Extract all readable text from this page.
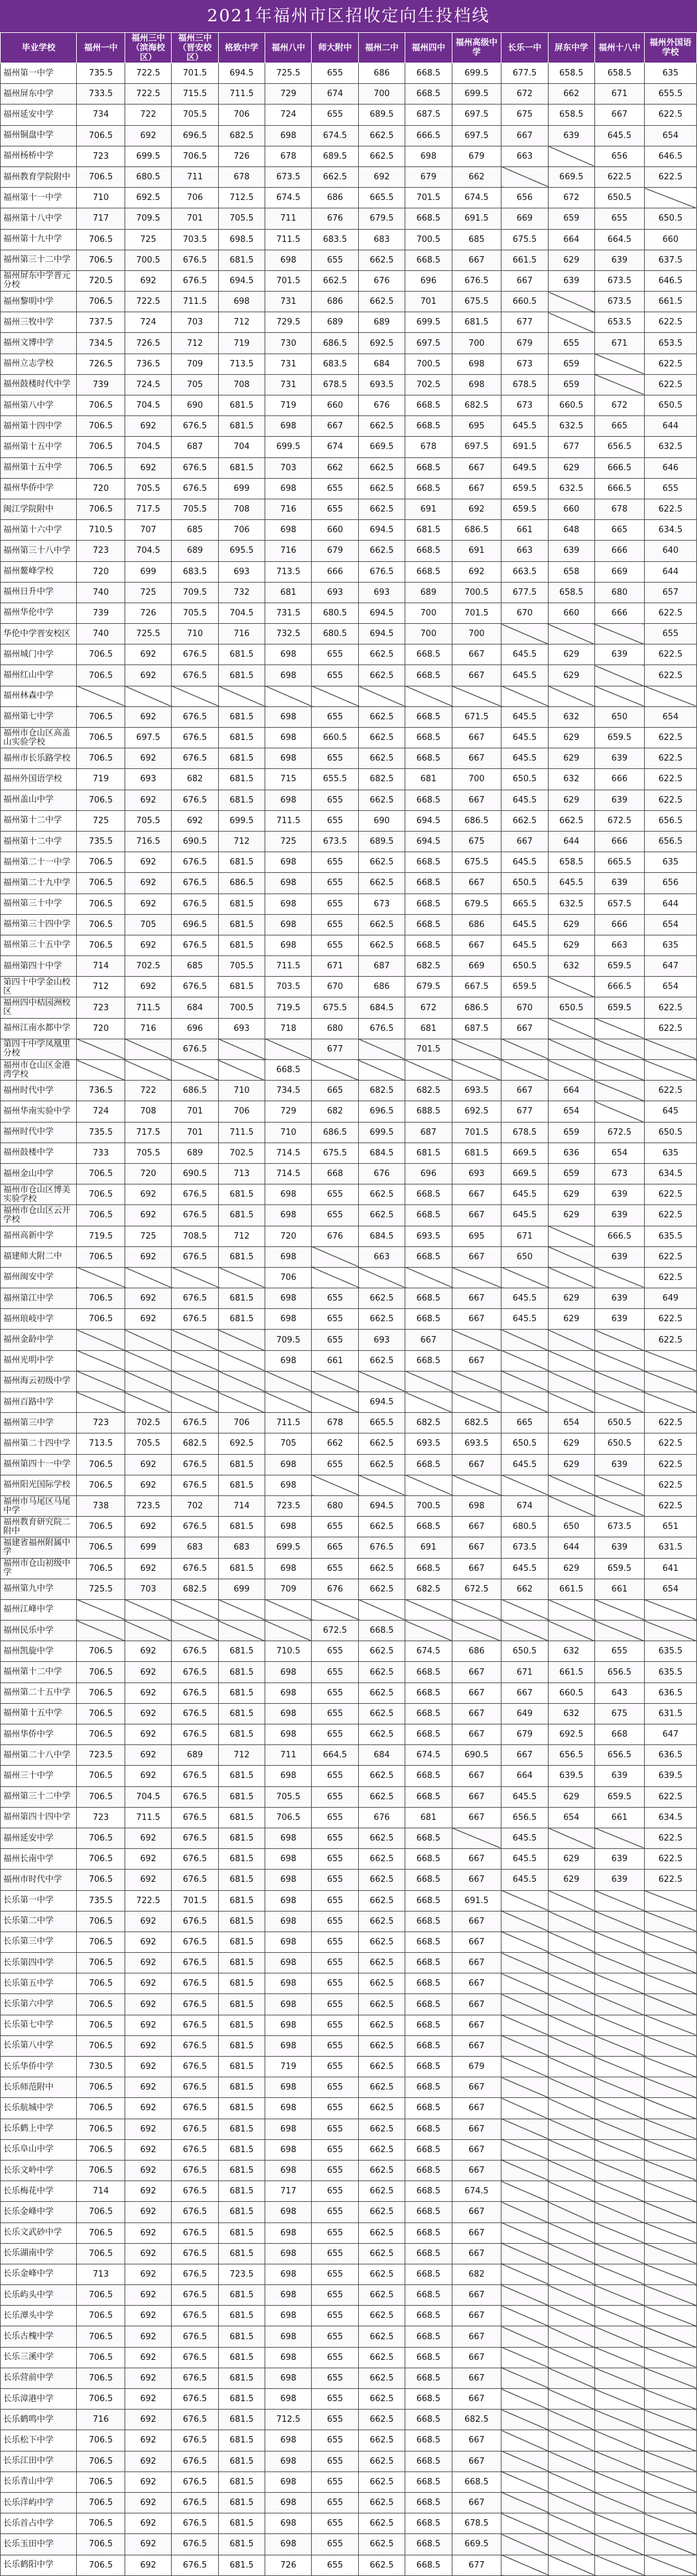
2021年福州市区招收定向生投档线
毕业学校	福州一中	福州三中（滨海校区）	福州三中（晋安校区）	格致中学	福州八中	师大附中	福州二中	福州四中	福州高级中学	长乐一中	屏东中学	福州十八中	福州外国语学校
福州第一中学	735.5	722.5	701.5	694.5	725.5	655	686	668.5	699.5	677.5	658.5	658.5	635
福州屏东中学	733.5	722.5	715.5	711.5	729	674	700	668.5	699.5	672	662	671	655.5
福州延安中学	734	722	705.5	706	724	655	689.5	687.5	697.5	675	658.5	667	622.5
福州铜盘中学	706.5	692	696.5	682.5	698	674.5	662.5	666.5	697.5	667	639	645.5	654
福州杨桥中学	723	699.5	706.5	726	678	689.5	662.5	698	679	663		656	646.5
福州教育学院附中	706.5	680.5	711	678	673.5	662.5	692	679	662		669.5	622.5	622.5
福州第十一中学	710	692.5	706	712.5	674.5	686	665.5	701.5	674.5	656	672	650.5	
福州第十八中学	717	709.5	701	705.5	711	676	679.5	668.5	691.5	669	659	655	650.5
福州第十九中学	706.5	725	703.5	698.5	711.5	683.5	683	700.5	685	675.5	664	664.5	660
福州第三十二中学	706.5	700.5	676.5	681.5	698	655	662.5	668.5	667	661.5	629	639	637.5
福州屏东中学晋元分校	720.5	692	676.5	694.5	701.5	662.5	676	696	676.5	667	639	673.5	646.5
福州黎明中学	706.5	722.5	711.5	698	731	686	662.5	701	675.5	660.5		673.5	661.5
福州三牧中学	737.5	724	703	712	729.5	689	689	699.5	681.5	677		653.5	622.5
福州文博中学	734.5	726.5	712	719	730	686.5	692.5	697.5	700	679	655	671	653.5
福州立志学校	726.5	736.5	709	713.5	731	683.5	684	700.5	698	673	659		622.5
福州鼓楼时代中学	739	724.5	705	708	731	678.5	693.5	702.5	698	678.5	659		622.5
福州第八中学	706.5	704.5	690	681.5	719	660	676	668.5	682.5	673	660.5	672	650.5
福州第十四中学	706.5	692	676.5	681.5	698	667	662.5	668.5	695	645.5	632.5	665	644
福州第十五中学	706.5	704.5	687	704	699.5	674	669.5	678	697.5	691.5	677	656.5	632.5
福州第十五中学	706.5	692	676.5	681.5	703	662	662.5	668.5	667	649.5	629	666.5	646
福州华侨中学	720	705.5	676.5	699	698	655	662.5	668.5	667	659.5	632.5	666.5	655
闽江学院附中	706.5	717.5	705.5	708	716	655	662.5	691	692	659.5	660	678	622.5
福州第十六中学	710.5	707	685	706	698	660	694.5	681.5	686.5	661	648	665	634.5
福州第三十八中学	723	704.5	689	695.5	716	679	662.5	668.5	691	663	639	666	640
福州鳌峰学校	720	699	683.5	693	713.5	666	676.5	668.5	692	663.5	658	669	644
福州日升中学	740	725	709.5	732	681	693	693	689	700.5	677.5	658.5	680	657
福州华伦中学	739	726	705.5	704.5	731.5	680.5	694.5	700	701.5	670	660	666	622.5
华伦中学晋安校区	740	725.5	710	716	732.5	680.5	694.5	700	700				655
福州城门中学	706.5	692	676.5	681.5	698	655	662.5	668.5	667	645.5	629	639	622.5
福州红山中学	706.5	692	676.5	681.5	698	655	662.5	668.5	667	645.5	629		622.5
福州林森中学													
福州第七中学	706.5	692	676.5	681.5	698	655	662.5	668.5	671.5	645.5	632	650	654
福州市仓山区高盖山实验学校	706.5	697.5	676.5	681.5	698	660.5	662.5	668.5	667	645.5	629	659.5	622.5
福州市长乐路学校	706.5	692	676.5	681.5	698	655	662.5	668.5	667	645.5	629	639	622.5
福州外国语学校	719	693	682	681.5	715	655.5	682.5	681	700	650.5	632	666	622.5
福州盖山中学	706.5	692	676.5	681.5	698	655	662.5	668.5	667	645.5	629	639	622.5
福州第十二中学	725	705.5	692	699.5	711.5	655	690	694.5	686.5	662.5	662.5	672.5	656.5
福州第十二中学	735.5	716.5	690.5	712	725	673.5	689.5	694.5	675	667	644	666	656.5
福州第二十一中学	706.5	692	676.5	681.5	698	655	662.5	668.5	675.5	645.5	658.5	665.5	635
福州第二十九中学	706.5	692	676.5	686.5	698	655	662.5	668.5	667	650.5	645.5	639	656
福州第三十中学	706.5	692	676.5	681.5	698	655	673	668.5	679.5	665.5	632.5	657.5	644
福州第三十四中学	706.5	705	696.5	681.5	698	655	662.5	668.5	686	645.5	629	666	654
福州第三十五中学	706.5	692	676.5	681.5	698	655	662.5	668.5	667	645.5	629	663	635
福州第四十中学	714	702.5	685	705.5	711.5	671	687	682.5	669	650.5	632	659.5	647
第四十中学金山校区	712	692	676.5	681.5	703.5	670	686	679.5	667.5	659.5		666.5	654
福州四中桔园洲校区	723	711.5	684	700.5	719.5	675.5	684.5	672	686.5	670	650.5	659.5	622.5
福州江南水都中学	720	716	696	693	718	680	676.5	681	687.5	667			622.5
第四十中学凤凰里分校			676.5			677		701.5					
福州市仓山区金港湾学校					668.5								
福州时代中学	736.5	722	686.5	710	734.5	665	682.5	682.5	693.5	667	664		622.5
福州华南实验中学	724	708	701	706	729	682	696.5	688.5	692.5	677	654		645
福州时代中学	735.5	717.5	701	711.5	710	686.5	699.5	687	701.5	678.5	659	672.5	650.5
福州鼓楼中学	733	705.5	689	702.5	714.5	675.5	684.5	681.5	681.5	669.5	636	654	635
福州金山中学	706.5	720	690.5	713	714.5	668	676	696	693	669.5	659	673	634.5
福州市仓山区博美实验学校	706.5	692	676.5	681.5	698	655	662.5	668.5	667	645.5	629	639	622.5
福州市仓山区云开学校	706.5	692	676.5	681.5	698	655	662.5	668.5	667	645.5	629	639	622.5
福州高新中学	719.5	725	708.5	712	720	676	684.5	693.5	695	671		666.5	635.5
福建师大附二中	706.5	692	676.5	681.5	698		663	668.5	667	650		639	622.5
福州闽安中学					706								622.5
福州第江中学	706.5	692	676.5	681.5	698	655	662.5	668.5	667	645.5	629	639	649
福州琅岐中学	706.5	692	676.5	681.5	698	655	662.5	668.5	667	645.5	629	639	622.5
福州金龄中学					709.5	655	693	667					622.5
福州光明中学					698	661	662.5	668.5	667				
福州海云初级中学													
福州百路中学							694.5						
福州第三中学	723	702.5	676.5	706	711.5	678	665.5	682.5	682.5	665	654	650.5	622.5
福州第二十四中学	713.5	705.5	682.5	692.5	705	662	662.5	693.5	693.5	650.5	629	650.5	622.5
福州第四十一中学	706.5	692	676.5	681.5	698	655	662.5	668.5	667	645.5	629	639	622.5
福州阳光国际学校	706.5	692	676.5	681.5	698								622.5
福州市马尾区马尾中学	738	723.5	702	714	723.5	680	694.5	700.5	698	674			622.5
福州教育研究院二附中	706.5	692	676.5	681.5	698	655	662.5	668.5	667	680.5	650	673.5	651
福建省福州附属中学	706.5	699	683	683	699.5	665	676.5	691	667	673.5	644	639	631.5
福州市仓山初级中学	706.5	692	676.5	681.5	698	655	662.5	668.5	667	645.5	629	659.5	641
福州第九中学	725.5	703	682.5	699	709	676	662.5	682.5	672.5	662	661.5	661	654
福州江峰中学													
福州民乐中学						672.5	668.5						
福州凯旋中学	706.5	692	676.5	681.5	710.5	655	662.5	674.5	686	650.5	632	655	635.5
福州第十二中学	706.5	692	676.5	681.5	698	655	662.5	668.5	667	671	661.5	656.5	635.5
福州第二十五中学	706.5	692	676.5	681.5	698	655	662.5	668.5	667	667	660.5	643	636.5
福州第十五中学	706.5	692	676.5	681.5	698	655	662.5	668.5	667	649	632	675	631.5
福州华侨中学	706.5	692	676.5	681.5	698	655	662.5	668.5	667	679	692.5	668	647
福州第二十八中学	723.5	692	689	712	711	664.5	684	674.5	690.5	667	656.5	656.5	636.5
福州三十中学	706.5	692	676.5	681.5	698	655	662.5	668.5	667	664	639.5	639	639.5
福州第三十二中学	706.5	704.5	676.5	681.5	705.5	655	662.5	668.5	667	645.5	629	659.5	622.5
福州第四十四中学	723	711.5	676.5	681.5	706.5	655	676	681	667	656.5	654	661	634.5
福州延安中学	706.5	692	676.5	681.5	698	655	662.5	668.5		645.5			622.5
福州长南中学	706.5	692	676.5	681.5	698	655	662.5	668.5	667	645.5	629	639	622.5
福州市时代中学	706.5	692	676.5	681.5	698	655	662.5	668.5	667	645.5	629	639	622.5
长乐第一中学	735.5	722.5	701.5	681.5	698	655	662.5	668.5	691.5				
长乐第二中学	706.5	692	676.5	681.5	698	655	662.5	668.5	667				
长乐第三中学	706.5	692	676.5	681.5	698	655	662.5	668.5	667				
长乐第四中学	706.5	692	676.5	681.5	698	655	662.5	668.5	667				
长乐第五中学	706.5	692	676.5	681.5	698	655	662.5	668.5	667				
长乐第六中学	706.5	692	676.5	681.5	698	655	662.5	668.5	667				
长乐第七中学	706.5	692	676.5	681.5	698	655	662.5	668.5	667				
长乐第八中学	706.5	692	676.5	681.5	698	655	662.5	668.5	667				
长乐华侨中学	730.5	692	676.5	681.5	719	655	662.5	668.5	679				
长乐师范附中	706.5	692	676.5	681.5	698	655	662.5	668.5	667				
长乐航城中学	706.5	692	676.5	681.5	698	655	662.5	668.5	667				
长乐鹤上中学	706.5	692	676.5	681.5	698	655	662.5	668.5	667				
长乐阜山中学	706.5	692	676.5	681.5	698	655	662.5	668.5	667				
长乐文岭中学	706.5	692	676.5	681.5	698	655	662.5	668.5	667				
长乐梅花中学	714	692	676.5	681.5	717	655	662.5	668.5	674.5				
长乐金峰中学	706.5	692	676.5	681.5	698	655	662.5	668.5	667				
长乐文武砂中学	706.5	692	676.5	681.5	698	655	662.5	668.5	667				
长乐湖南中学	706.5	692	676.5	681.5	698	655	662.5	668.5	667				
长乐金峰中学	713	692	676.5	723.5	698	655	662.5	668.5	682				
长乐屿头中学	706.5	692	676.5	681.5	698	655	662.5	668.5	667				
长乐潭头中学	706.5	692	676.5	681.5	698	655	662.5	668.5	667				
长乐古槐中学	706.5	692	676.5	681.5	698	655	662.5	668.5	667				
长乐三溪中学	706.5	692	676.5	681.5	698	655	662.5	668.5	667				
长乐营前中学	706.5	692	676.5	681.5	698	655	662.5	668.5	667				
长乐漳港中学	706.5	692	676.5	681.5	698	655	662.5	668.5	667				
长乐鹤鸣中学	716	692	676.5	681.5	712.5	655	662.5	668.5	682.5				
长乐松下中学	706.5	692	676.5	681.5	698	655	662.5	668.5	667				
长乐江田中学	706.5	692	676.5	681.5	698	655	662.5	668.5	667				
长乐青山中学	706.5	692	676.5	681.5	698	655	662.5	668.5	668.5				
长乐洋屿中学	706.5	692	676.5	681.5	698	655	662.5	668.5	667				
长乐首占中学	706.5	692	676.5	681.5	698	655	662.5	668.5	678.5				
长乐玉田中学	706.5	692	676.5	681.5	698	655	662.5	668.5	669.5				
长乐鹤阳中学	706.5	692	676.5	681.5	726	655	662.5	668.5	677				
